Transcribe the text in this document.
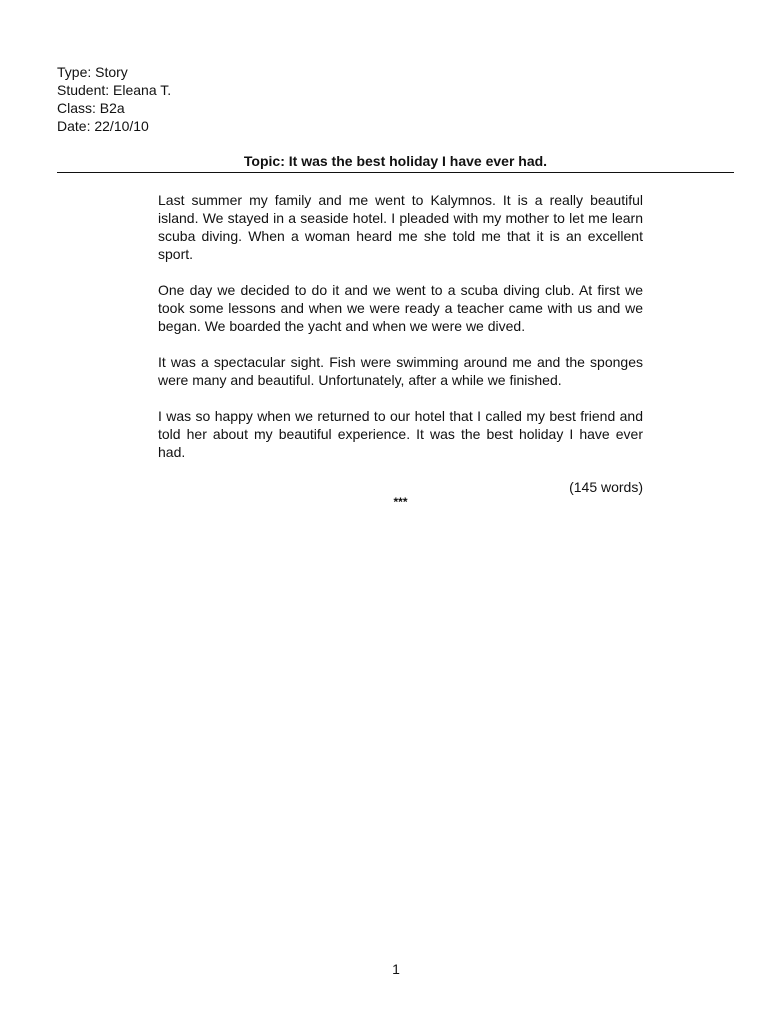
Type: Story
Student: Eleana T.
Class: B2a
Date: 22/10/10
Topic: It was the best holiday I have ever had.

Last summer my family and me went to Kalymnos. It is a really beautiful island. We stayed in a seaside hotel. I pleaded with my mother to let me learn scuba diving. When a woman heard me she told me that it is an excellent sport.

One day we decided to do it and we went to a scuba diving club. At first we took some lessons and when we were ready a teacher came with us and we began. We boarded the yacht and when we were we dived.

It was a spectacular sight. Fish were swimming around me and the sponges were many and beautiful. Unfortunately, after a while we finished.

I was so happy when we returned to our hotel that I called my best friend and told her about my beautiful experience. It was the best holiday I have ever had.

(145 words)
***
1
